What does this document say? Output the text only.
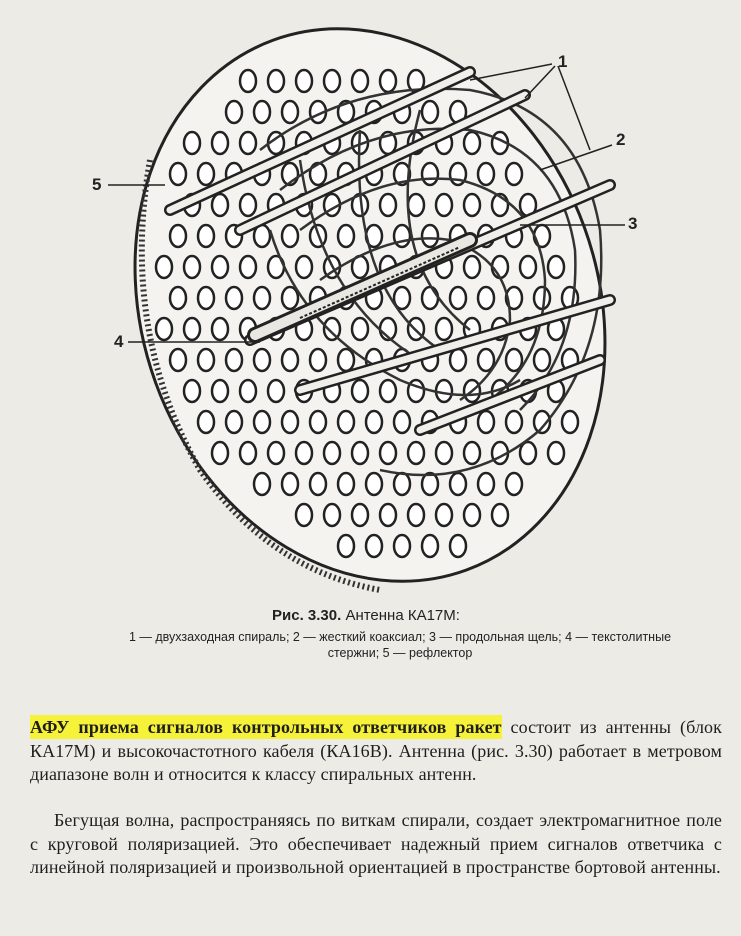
1
2
3
4
5

Рис. 3.30. Антенна КА17М:

1 — двухзаходная спираль; 2 — жесткий коаксиал; 3 — продольная щель; 4 — текстолитные стержни; 5 — рефлектор

АФУ приема сигналов контрольных ответчиков ракет состоит из антенны (блок КА17М) и высокочастотного кабеля (КА16В). Антенна (рис. 3.30) работает в метровом диапазоне волн и относится к классу спиральных антенн.

Бегущая волна, распространяясь по виткам спирали, создает электромагнитное поле с круговой поляризацией. Это обеспечивает надежный прием сигналов ответчика с линейной поляризацией и произвольной ориентацией в пространстве бортовой антенны.
